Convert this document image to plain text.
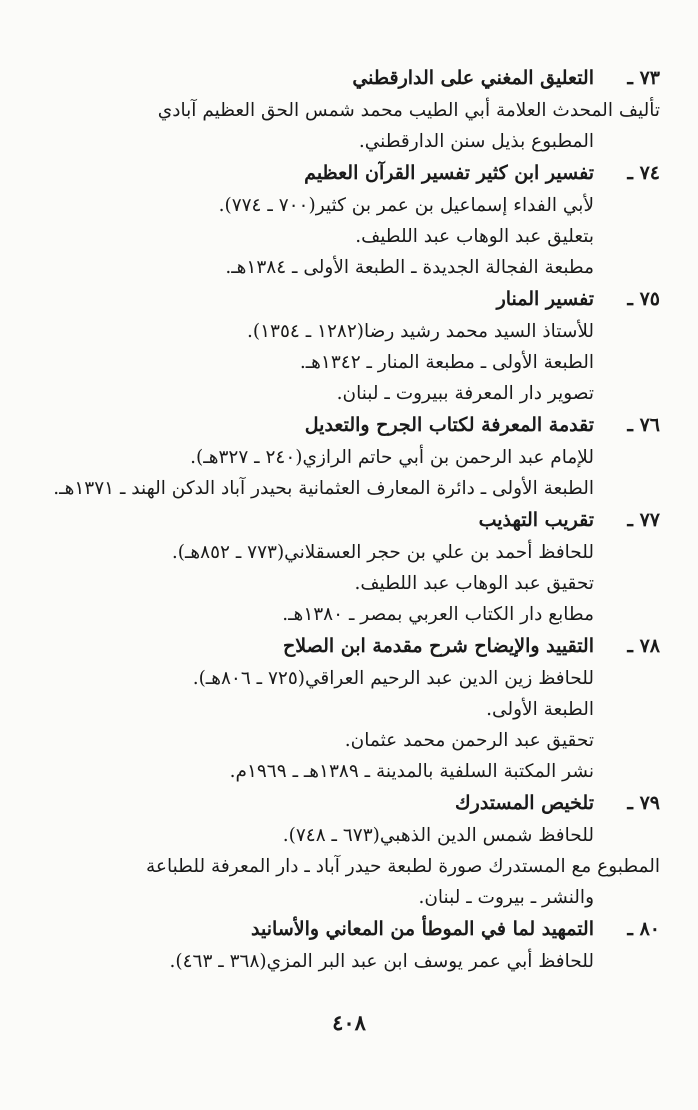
٧٣ ـ
التعليق المغني على الدارقطني
تأليف المحدث العلامة أبي الطيب محمد شمس الحق العظيم آبادي
المطبوع بذيل سنن الدارقطني.
٧٤ ـ
تفسير ابن كثير تفسير القرآن العظيم
لأبي الفداء إسماعيل بن عمر بن كثير(٧٠٠ ـ ٧٧٤).
بتعليق عبد الوهاب عبد اللطيف.
مطبعة الفجالة الجديدة ـ الطبعة الأولى ـ ١٣٨٤هـ.
٧٥ ـ
تفسير المنار
للأستاذ السيد محمد رشيد رضا(١٢٨٢ ـ ١٣٥٤).
الطبعة الأولى ـ مطبعة المنار ـ ١٣٤٢هـ.
تصوير دار المعرفة ببيروت ـ لبنان.
٧٦ ـ
تقدمة المعرفة لكتاب الجرح والتعديل
للإمام عبد الرحمن بن أبي حاتم الرازي(٢٤٠ ـ ٣٢٧هـ).
الطبعة الأولى ـ دائرة المعارف العثمانية بحيدر آباد الدكن الهند ـ ١٣٧١هـ.
٧٧ ـ
تقريب التهذيب
للحافظ أحمد بن علي بن حجر العسقلاني(٧٧٣ ـ ٨٥٢هـ).
تحقيق عبد الوهاب عبد اللطيف.
مطابع دار الكتاب العربي بمصر ـ ١٣٨٠هـ.
٧٨ ـ
التقييد والإيضاح شرح مقدمة ابن الصلاح
للحافظ زين الدين عبد الرحيم العراقي(٧٢٥ ـ ٨٠٦هـ).
الطبعة الأولى.
تحقيق عبد الرحمن محمد عثمان.
نشر المكتبة السلفية بالمدينة ـ ١٣٨٩هـ ـ ١٩٦٩م.
٧٩ ـ
تلخيص المستدرك
للحافظ شمس الدين الذهبي(٦٧٣ ـ ٧٤٨).
المطبوع مع المستدرك صورة لطبعة حيدر آباد ـ دار المعرفة للطباعة
والنشر ـ بيروت ـ لبنان.
٨٠ ـ
التمهيد لما في الموطأ من المعاني والأسانيد
للحافظ أبي عمر يوسف ابن عبد البر المزي(٣٦٨ ـ ٤٦٣).
٤٠٨
